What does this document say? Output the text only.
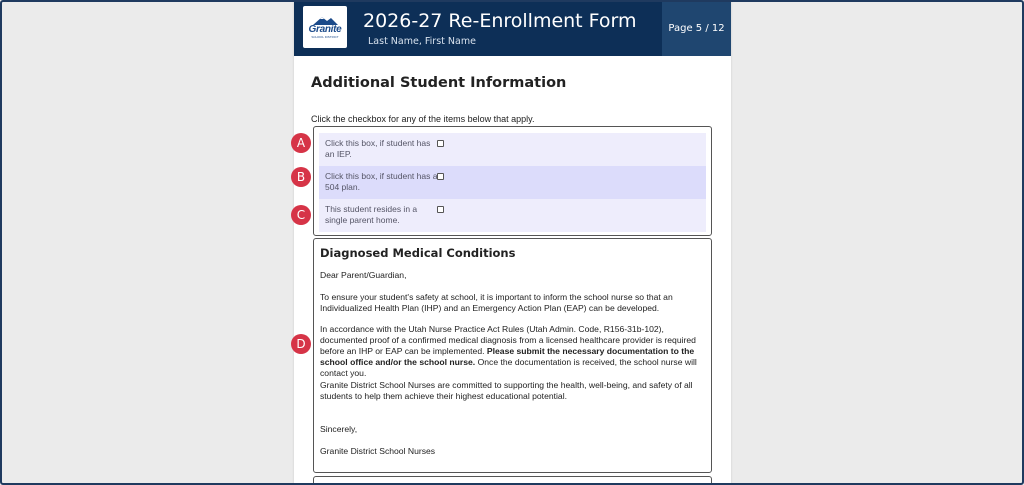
Granite
SCHOOL DISTRICT
2026-27 Re-Enrollment Form
Last Name, First Name
Page 5 / 12
Additional Student Information
Click the checkbox for any of the items below that apply.
Click this box, if student has an IEP.
Click this box, if student has a 504 plan.
This student resides in a single parent home.
Diagnosed Medical Conditions
Dear Parent/Guardian,
To ensure your student's safety at school, it is important to inform the school nurse so that an Individualized Health Plan (IHP) and an Emergency Action Plan (EAP) can be developed.
In accordance with the Utah Nurse Practice Act Rules (Utah Admin. Code, R156-31b-102), documented proof of a confirmed medical diagnosis from a licensed healthcare provider is required before an IHP or EAP can be implemented. Please submit the necessary documentation to the school office and/or the school nurse. Once the documentation is received, the school nurse will contact you.
Granite District School Nurses are committed to supporting the health, well-being, and safety of all students to help them achieve their highest educational potential.
Sincerely,
Granite District School Nurses
A
B
C
D
